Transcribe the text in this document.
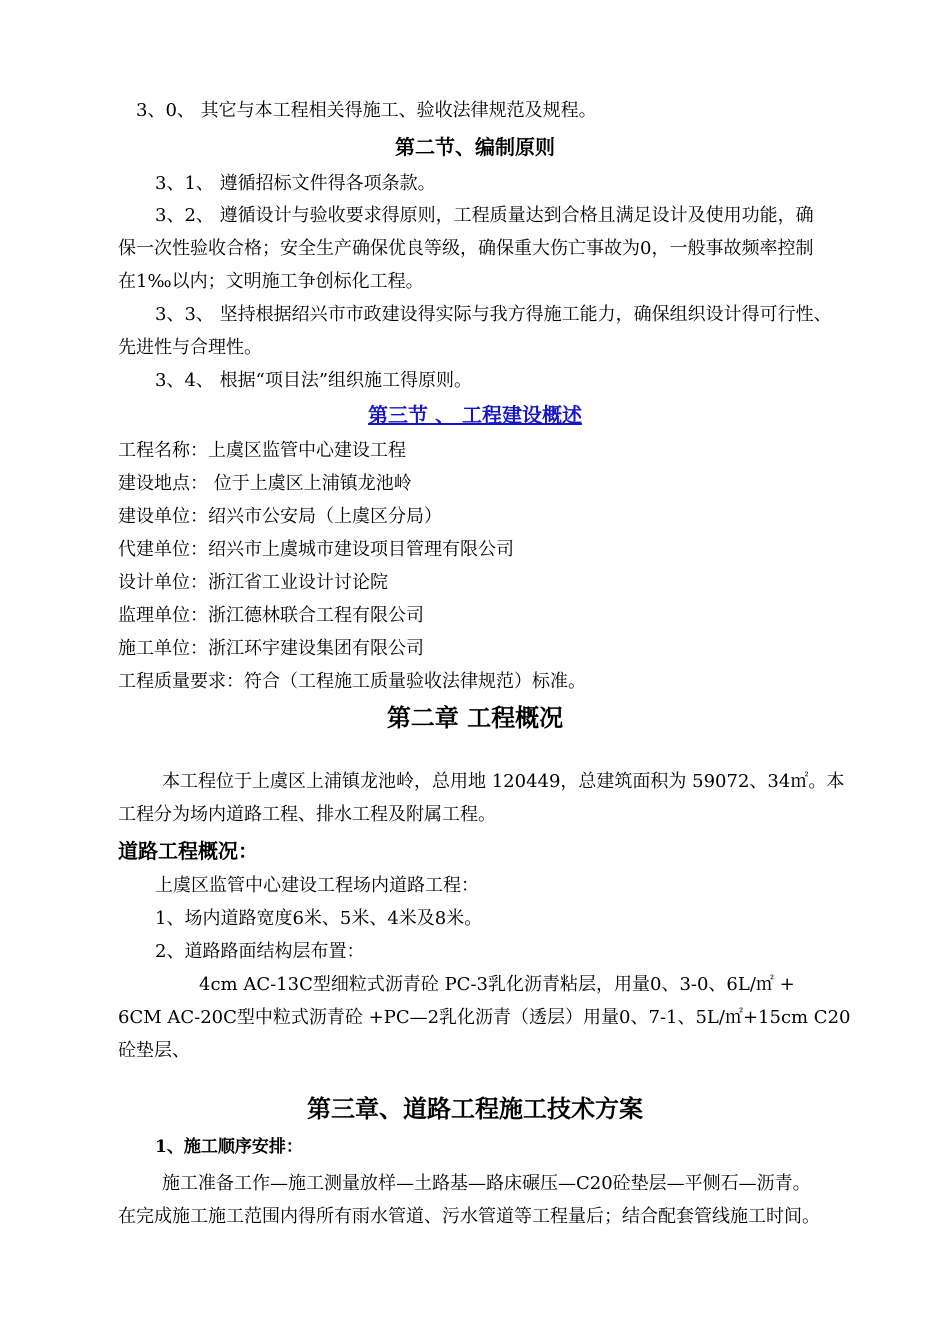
3、0、 其它与本工程相关得施工、验收法律规范及规程。
第二节、编制原则
3、1、 遵循招标文件得各项条款。
3、2、 遵循设计与验收要求得原则，工程质量达到合格且满足设计及使用功能，确
保一次性验收合格；安全生产确保优良等级，确保重大伤亡事故为0，一般事故频率控制
在1‰以内；文明施工争创标化工程。
3、3、 坚持根据绍兴市市政建设得实际与我方得施工能力，确保组织设计得可行性、
先进性与合理性。
3、4、 根据“项目法”组织施工得原则。
第三节 、 工程建设概述
工程名称：上虞区监管中心建设工程
建设地点： 位于上虞区上浦镇龙池岭
建设单位：绍兴市公安局（上虞区分局）
代建单位：绍兴市上虞城市建设项目管理有限公司
设计单位：浙江省工业设计讨论院
监理单位：浙江德林联合工程有限公司
施工单位：浙江环宇建设集团有限公司
工程质量要求：符合（工程施工质量验收法律规范）标准。
第二章 工程概况
本工程位于上虞区上浦镇龙池岭，总用地 120449，总建筑面积为 59072、34㎡。本
工程分为场内道路工程、排水工程及附属工程。
道路工程概况：
上虞区监管中心建设工程场内道路工程：
1、场内道路宽度6米、5米、4米及8米。
2、道路路面结构层布置：
4cm AC-13C型细粒式沥青砼 PC-3乳化沥青粘层，用量0、3-0、6L/㎡ +
6CM AC-20C型中粒式沥青砼 +PC—2乳化沥青（透层）用量0、7-1、5L/㎡+15cm C20
砼垫层、
第三章、道路工程施工技术方案
1、施工顺序安排：
施工准备工作—施工测量放样—土路基—路床碾压—C20砼垫层—平侧石—沥青。
在完成施工施工范围内得所有雨水管道、污水管道等工程量后；结合配套管线施工时间。
